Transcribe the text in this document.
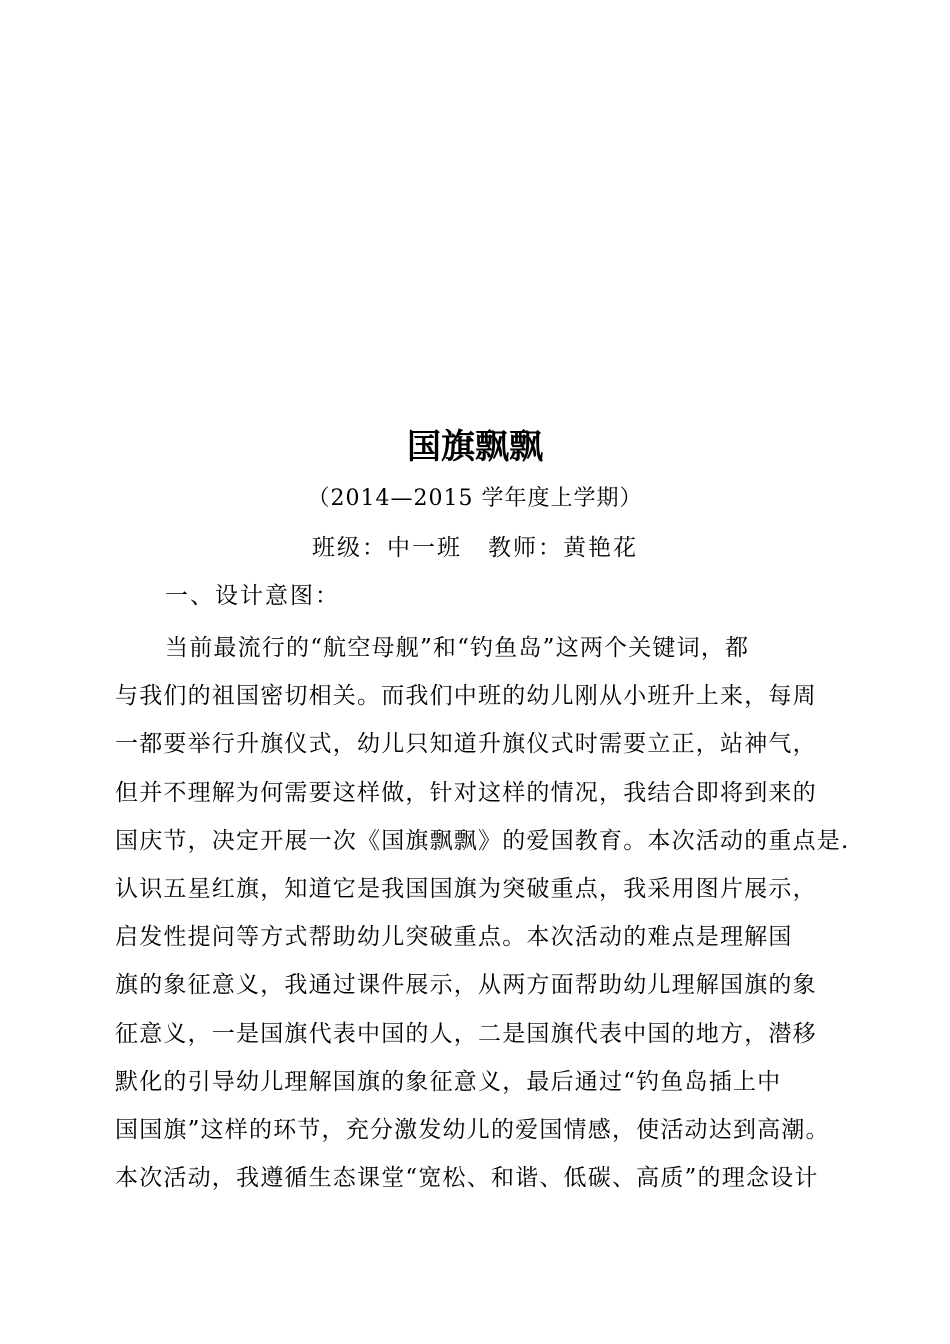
国旗飘飘
（2014—2015 学年度上学期）
班级：中一班 教师：黄艳花
一、设计意图：
当前最流行的“航空母舰”和“钓鱼岛”这两个关键词，都
与我们的祖国密切相关。而我们中班的幼儿刚从小班升上来，每周
一都要举行升旗仪式，幼儿只知道升旗仪式时需要立正，站神气，
但并不理解为何需要这样做，针对这样的情况，我结合即将到来的
国庆节，决定开展一次《国旗飘飘》的爱国教育。本次活动的重点是.
认识五星红旗，知道它是我国国旗为突破重点，我采用图片展示，
启发性提问等方式帮助幼儿突破重点。本次活动的难点是理解国
旗的象征意义，我通过课件展示，从两方面帮助幼儿理解国旗的象
征意义，一是国旗代表中国的人，二是国旗代表中国的地方，潜移
默化的引导幼儿理解国旗的象征意义，最后通过“钓鱼岛插上中
国国旗”这样的环节，充分激发幼儿的爱国情感，使活动达到高潮。
本次活动，我遵循生态课堂“宽松、和谐、低碳、高质”的理念设计
